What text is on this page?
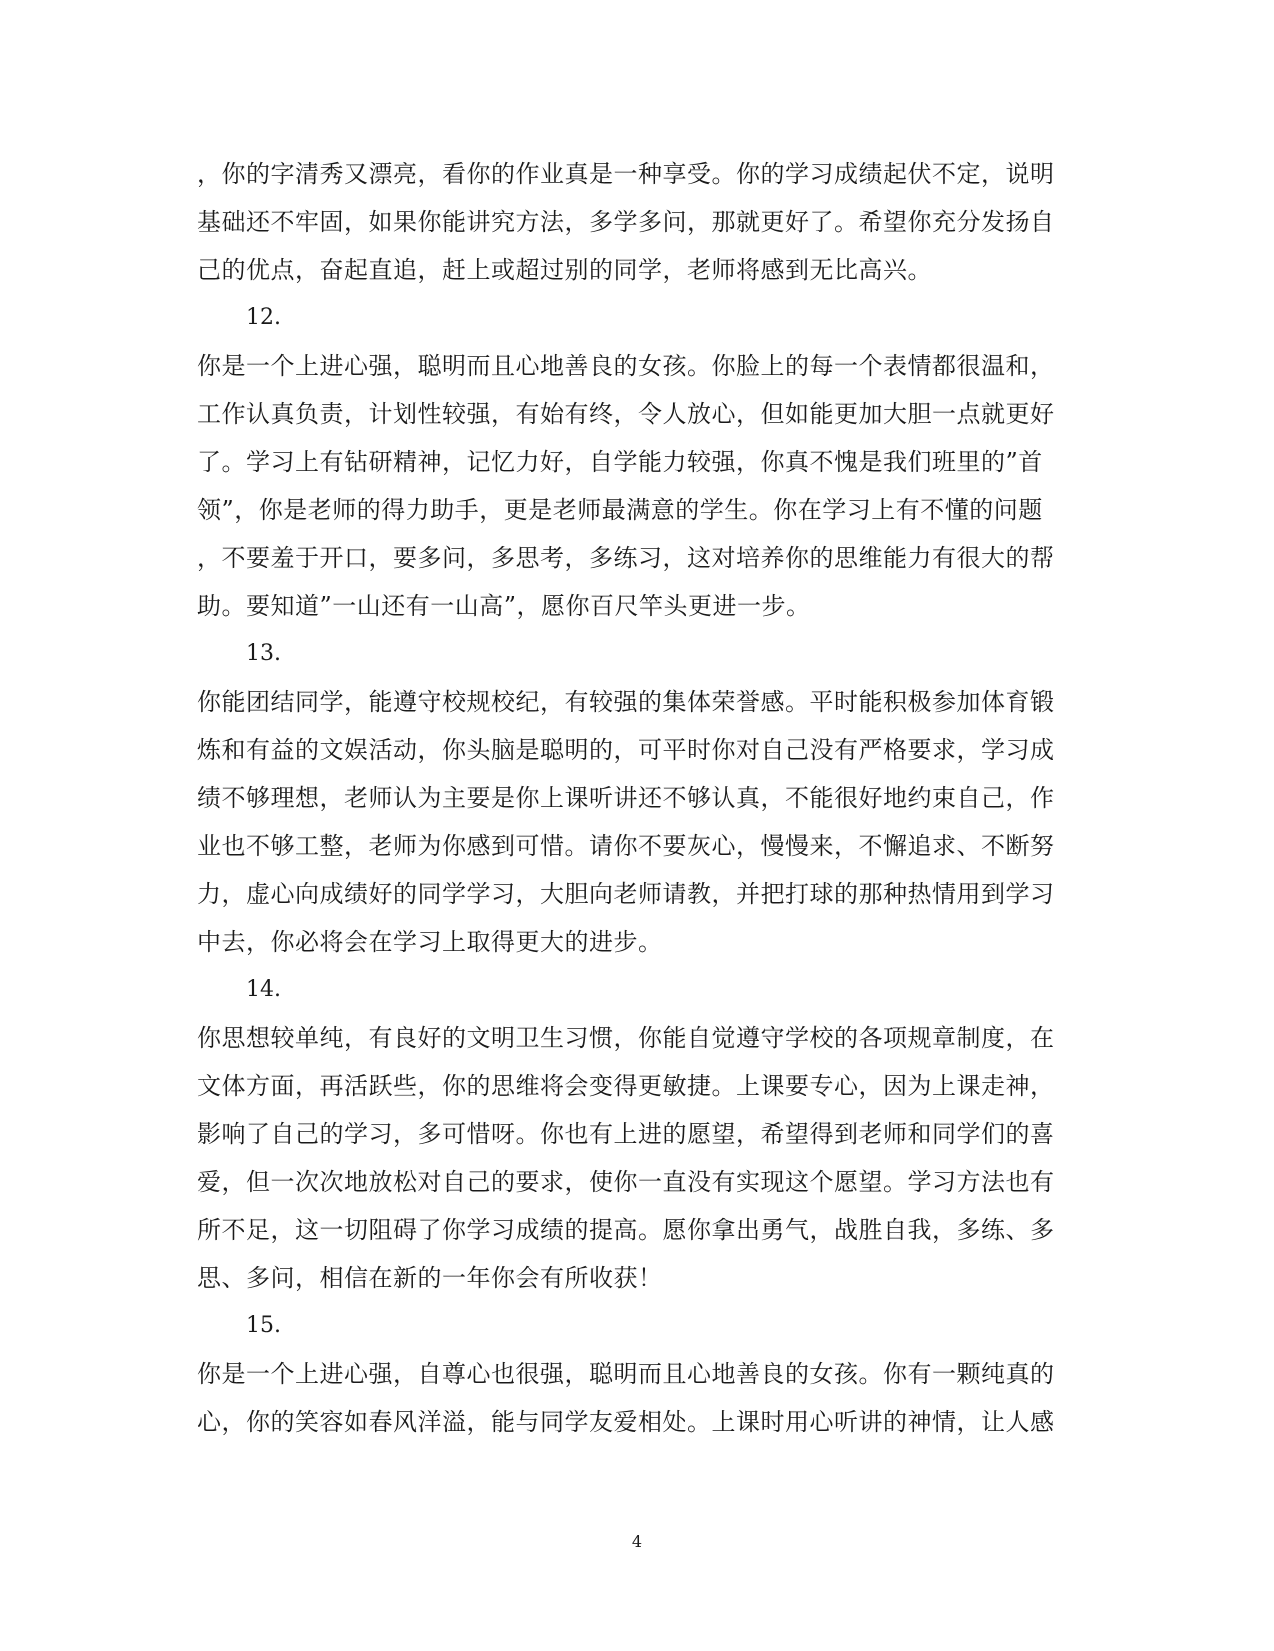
，你的字清秀又漂亮，看你的作业真是一种享受。你的学习成绩起伏不定，说明
基础还不牢固，如果你能讲究方法，多学多问，那就更好了。希望你充分发扬自
己的优点，奋起直追，赶上或超过别的同学，老师将感到无比高兴。
12.
你是一个上进心强，聪明而且心地善良的女孩。你脸上的每一个表情都很温和，
工作认真负责，计划性较强，有始有终，令人放心，但如能更加大胆一点就更好
了。学习上有钻研精神，记忆力好，自学能力较强，你真不愧是我们班里的”首
领”，你是老师的得力助手，更是老师最满意的学生。你在学习上有不懂的问题
，不要羞于开口，要多问，多思考，多练习，这对培养你的思维能力有很大的帮
助。要知道”一山还有一山高”，愿你百尺竿头更进一步。
13.
你能团结同学，能遵守校规校纪，有较强的集体荣誉感。平时能积极参加体育锻
炼和有益的文娱活动，你头脑是聪明的，可平时你对自己没有严格要求，学习成
绩不够理想，老师认为主要是你上课听讲还不够认真，不能很好地约束自己，作
业也不够工整，老师为你感到可惜。请你不要灰心，慢慢来，不懈追求、不断努
力，虚心向成绩好的同学学习，大胆向老师请教，并把打球的那种热情用到学习
中去，你必将会在学习上取得更大的进步。
14.
你思想较单纯，有良好的文明卫生习惯，你能自觉遵守学校的各项规章制度，在
文体方面，再活跃些，你的思维将会变得更敏捷。上课要专心，因为上课走神，
影响了自己的学习，多可惜呀。你也有上进的愿望，希望得到老师和同学们的喜
爱，但一次次地放松对自己的要求，使你一直没有实现这个愿望。学习方法也有
所不足，这一切阻碍了你学习成绩的提高。愿你拿出勇气，战胜自我，多练、多
思、多问，相信在新的一年你会有所收获！
15.
你是一个上进心强，自尊心也很强，聪明而且心地善良的女孩。你有一颗纯真的
心，你的笑容如春风洋溢，能与同学友爱相处。上课时用心听讲的神情，让人感
4
